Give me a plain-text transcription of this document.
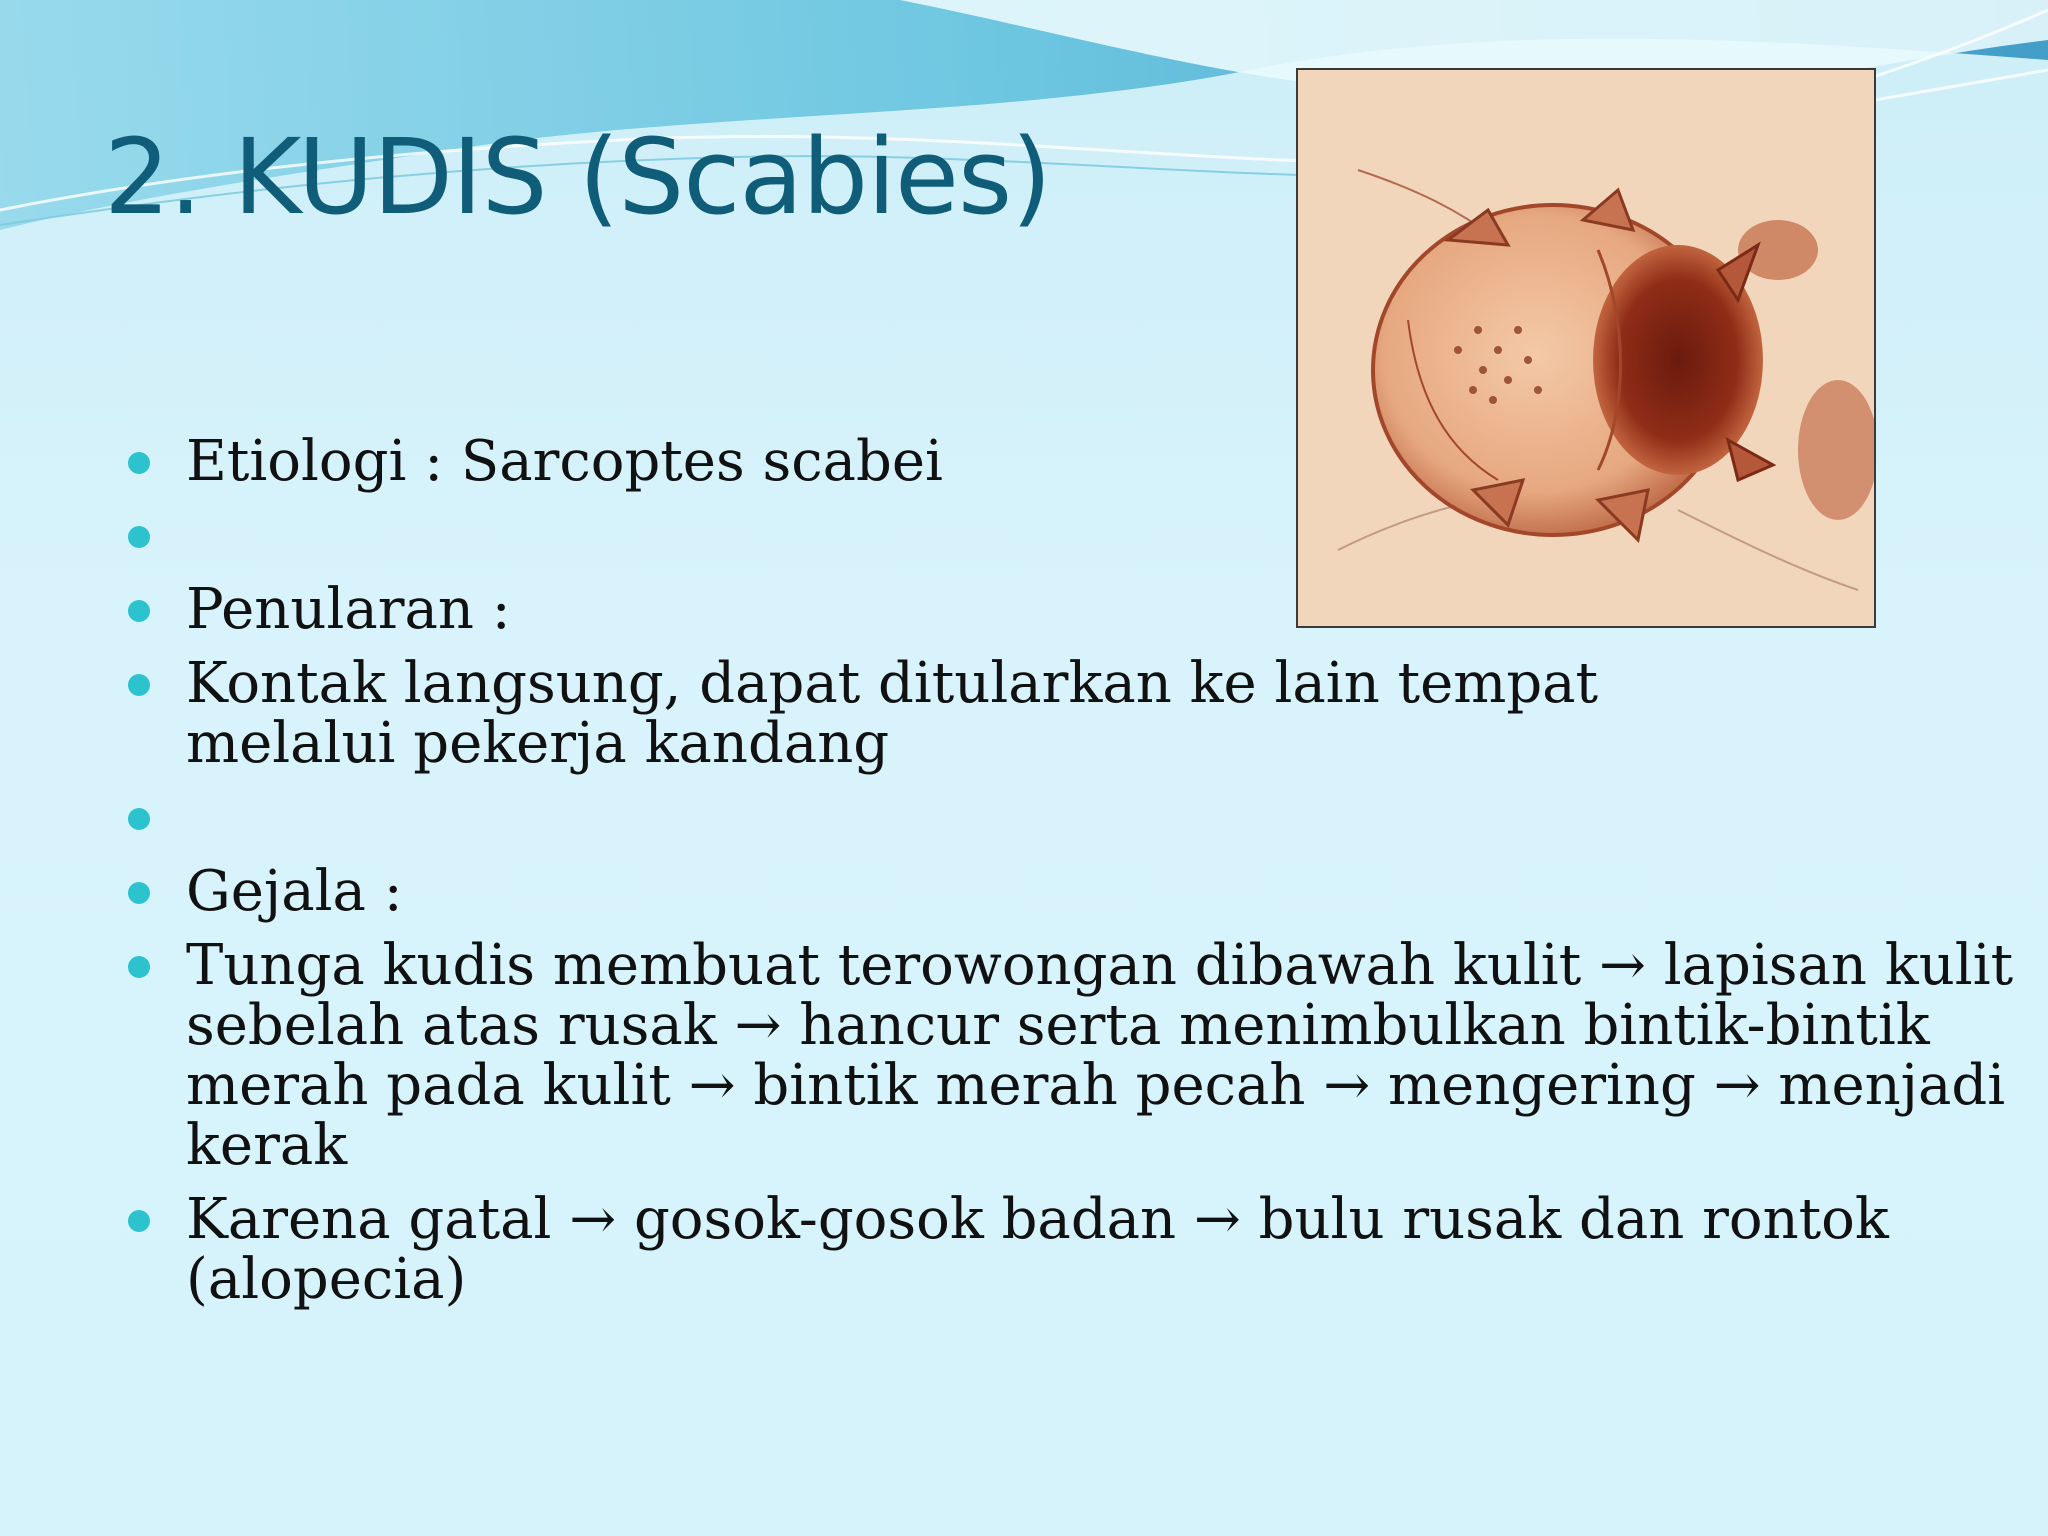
2. KUDIS (Scabies)
Etiologi : Sarcoptes scabei
Penularan :
Kontak langsung, dapat ditularkan ke lain tempat melalui pekerja kandang
Gejala :
Tunga kudis membuat terowongan dibawah kulit → lapisan kulit sebelah atas rusak → hancur serta menimbulkan bintik-bintik merah pada kulit → bintik merah pecah → mengering → menjadi kerak
Karena gatal → gosok-gosok badan → bulu rusak dan rontok (alopecia)
